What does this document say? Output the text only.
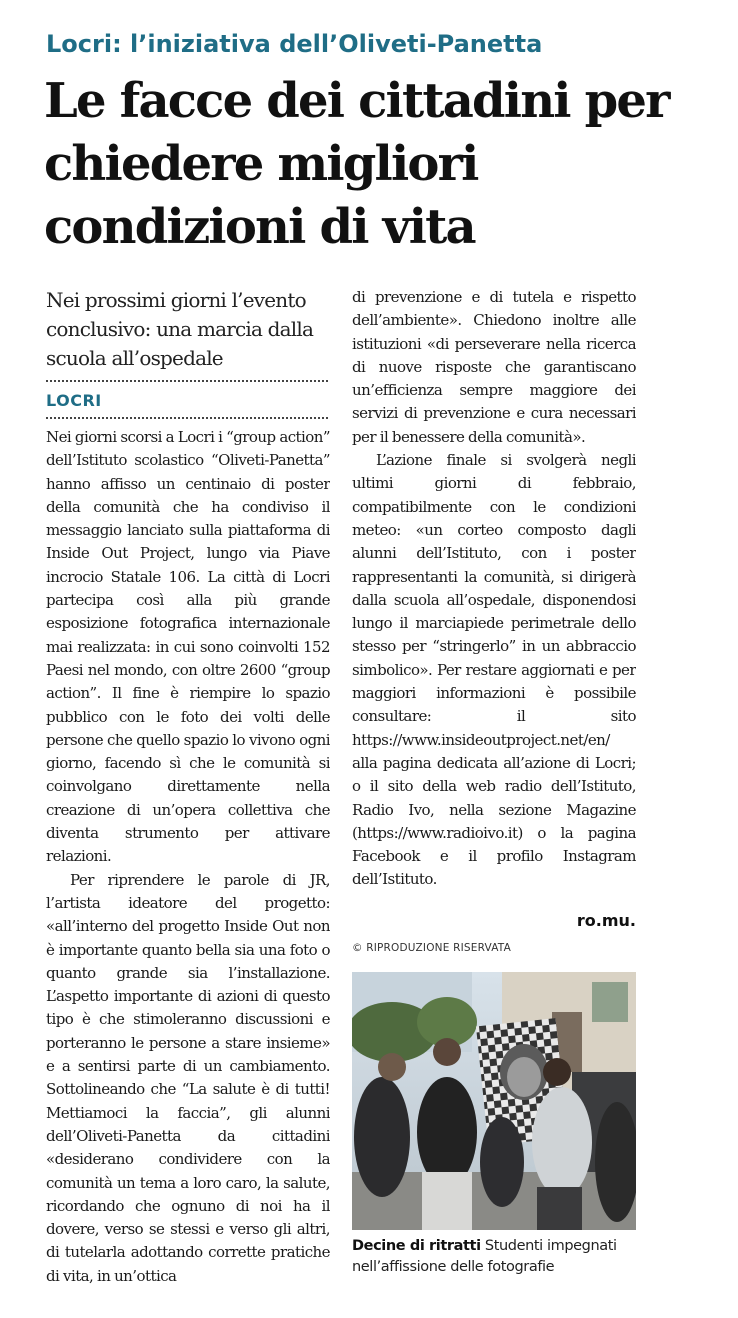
Locri: l’iniziativa dell’Oliveti-Panetta
Le facce dei cittadini per chiedere migliori condizioni di vita
Nei prossimi giorni l’evento conclusivo: una marcia dalla scuola all’ospedale
LOCRI

Nei giorni scorsi a Locri i “group action” dell’Istituto scolastico “Oliveti-Panetta” hanno affisso un centinaio di poster della comunità che ha condiviso il messaggio lanciato sulla piattaforma di Inside Out Project, lungo via Piave incrocio Statale 106. La città di Locri partecipa così alla più grande esposizione fotografica internazionale mai realizzata: in cui sono coinvolti 152 Paesi nel mondo, con oltre 2600 “group action”. Il fine è riempire lo spazio pubblico con le foto dei volti delle persone che quello spazio lo vivono ogni giorno, facendo sì che le comunità si coinvolgano direttamente nella creazione di un’opera collettiva che diventa strumento per attivare relazioni.

Per riprendere le parole di JR, l’artista ideatore del progetto: «all’interno del progetto Inside Out non è importante quanto bella sia una foto o quanto grande sia l’installazione. L’aspetto importante di azioni di questo tipo è che stimoleranno discussioni e porteranno le persone a stare insieme» e a sentirsi parte di un cambiamento. Sottolineando che “La salute è di tutti! Mettiamoci la faccia”, gli alunni dell’Oliveti-Panetta da cittadini «desiderano condividere con la comunità un tema a loro caro, la salute, ricordando che ognuno di noi ha il dovere, verso se stessi e verso gli altri, di tutelarla adottando corrette pratiche di vita, in un’ottica

di prevenzione e di tutela e rispetto dell’ambiente». Chiedono inoltre alle istituzioni «di perseverare nella ricerca di nuove risposte che garantiscano un’efficienza sempre maggiore dei servizi di prevenzione e cura necessari per il benessere della comunità».

L’azione finale si svolgerà negli ultimi giorni di febbraio, compatibilmente con le condizioni meteo: «un corteo composto dagli alunni dell’Istituto, con i poster rappresentanti la comunità, si dirigerà dalla scuola all’ospedale, disponendosi lungo il marciapiede perimetrale dello stesso per “stringerlo” in un abbraccio simbolico». Per restare aggiornati e per maggiori informazioni è possibile consultare: il sito https://www.insideoutproject.net/en/ alla pagina dedicata all’azione di Locri; o il sito della web radio dell’Istituto, Radio Ivo, nella sezione Magazine (https://www.radioivo.it) o la pagina Facebook e il profilo Instagram dell’Istituto.

ro.mu.
© RIPRODUZIONE RISERVATA
Decine di ritratti Studenti impegnati nell’affissione delle fotografie
